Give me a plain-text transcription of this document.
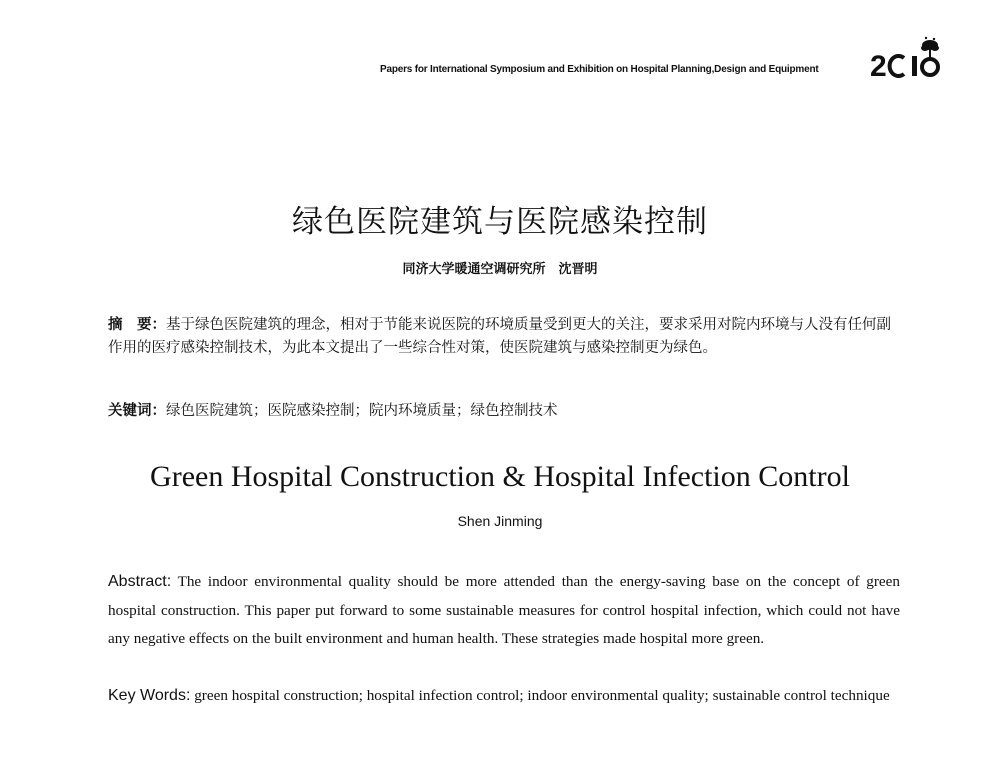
Papers for International Symposium and Exhibition on Hospital Planning,Design and Equipment	2
绿色医院建筑与医院感染控制
同济大学暖通空调研究所　沈晋明
摘　要：基于绿色医院建筑的理念，相对于节能来说医院的环境质量受到更大的关注，要求采用对院内环境与人没有任何副作用的医疗感染控制技术，为此本文提出了一些综合性对策，使医院建筑与感染控制更为绿色。
关键词：绿色医院建筑；医院感染控制；院内环境质量；绿色控制技术
Green Hospital Construction & Hospital Infection Control
Shen Jinming
Abstract: The indoor environmental quality should be more attended than the energy-saving base on the concept of green hospital construction. This paper put forward to some sustainable measures for control hospital infection, which could not have any negative effects on the built environment and human health. These strategies made hospital more green.
Key Words: green hospital construction; hospital infection control; indoor environmental quality; sustainable control technique
